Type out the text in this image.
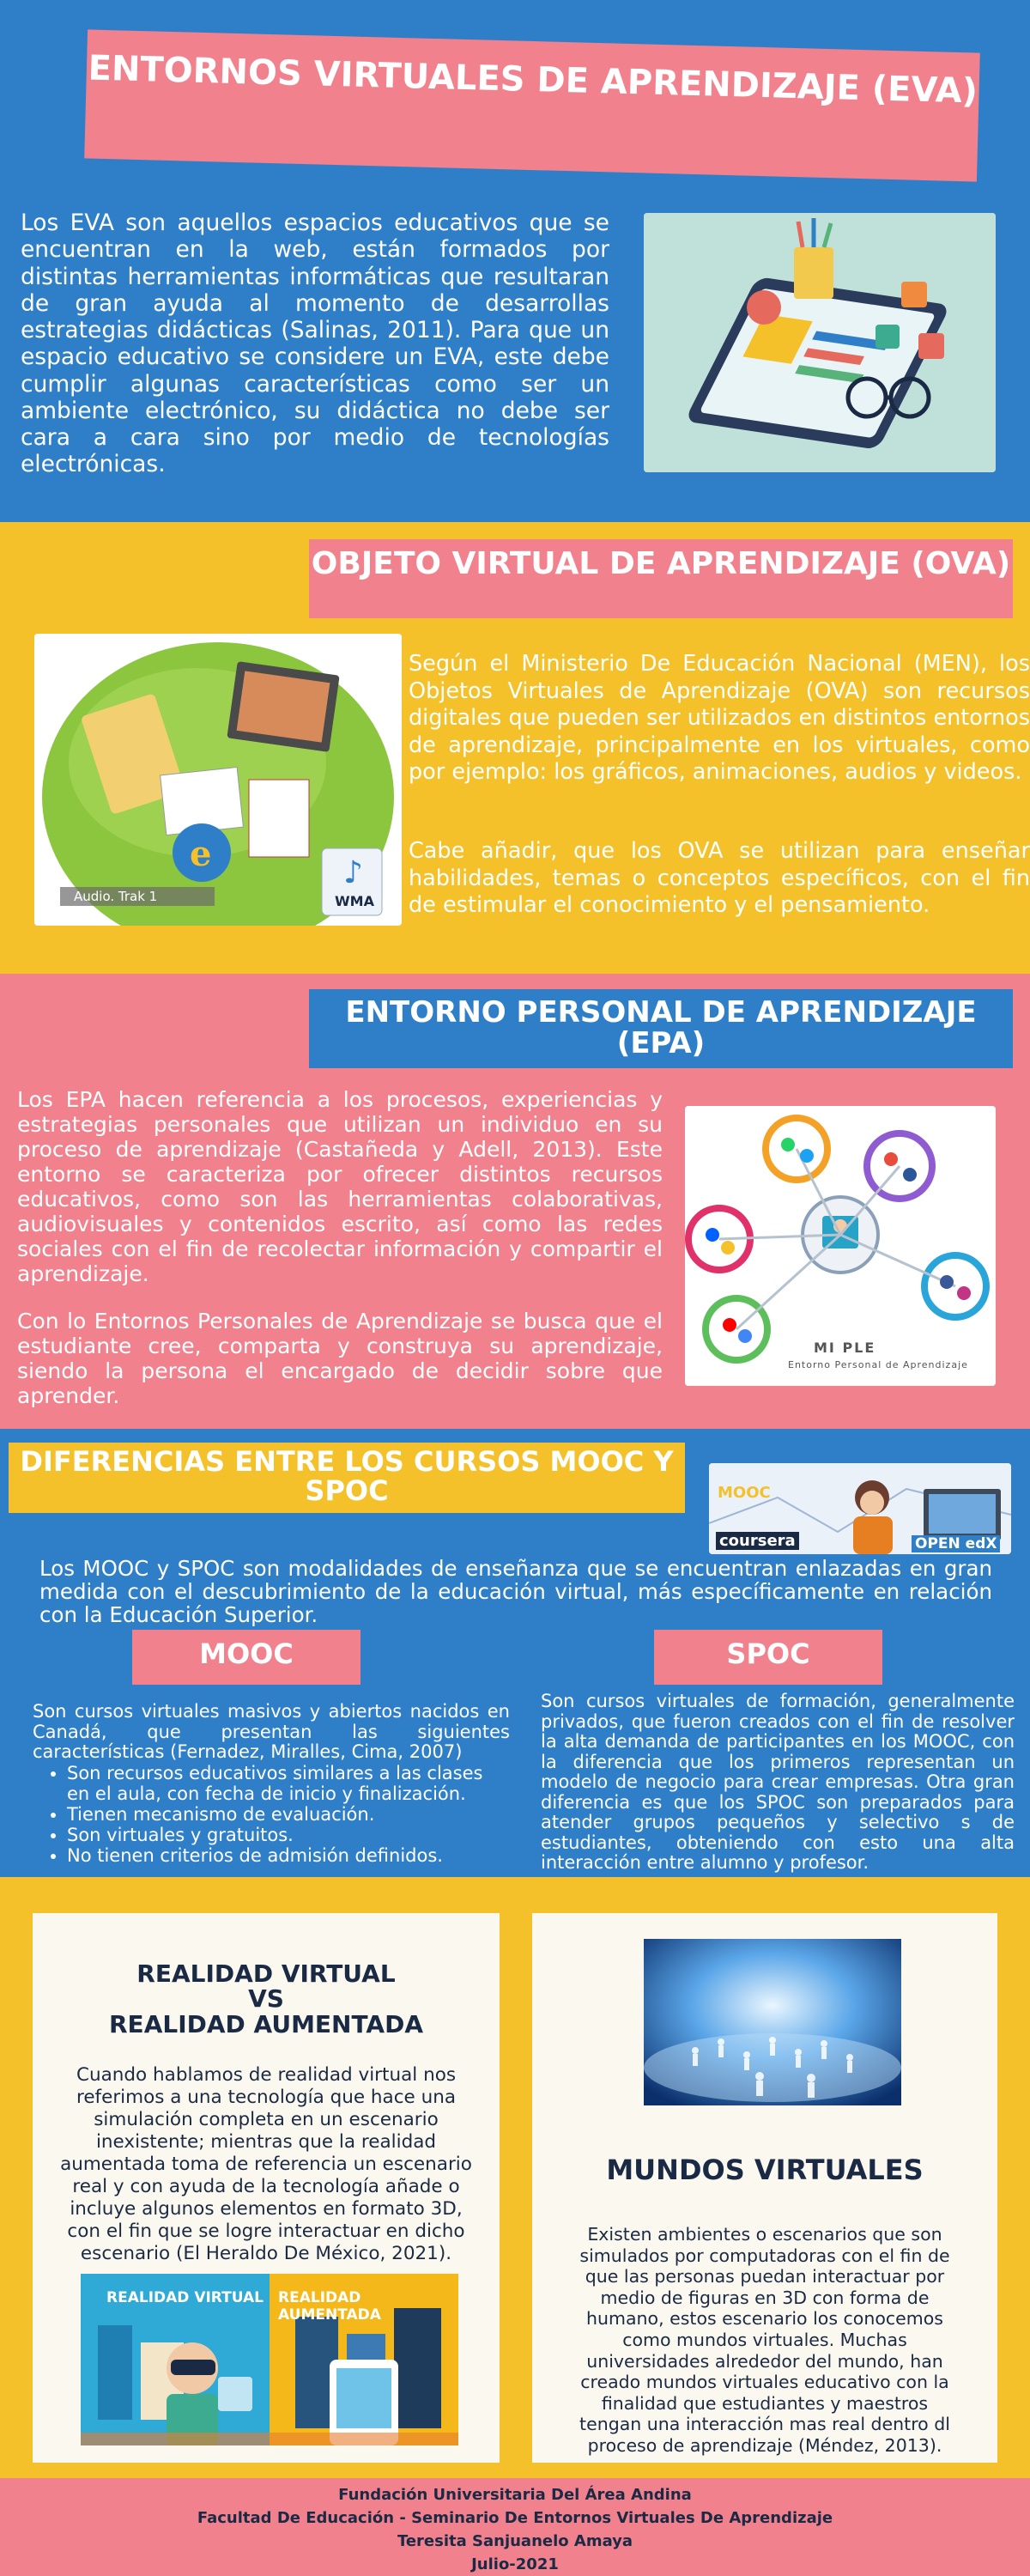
ENTORNOS VIRTUALES DE APRENDIZAJE (EVA)

Los EVA son aquellos espacios educativos que se encuentran en la web, están formados por distintas herramientas informáticas que resultaran de gran ayuda al momento de desarrollas estrategias didácticas (Salinas, 2011). Para que un espacio educativo se considere un EVA, este debe cumplir algunas características como ser un ambiente electrónico, su didáctica no debe ser cara a cara sino por medio de tecnologías electrónicas.

OBJETO VIRTUAL DE APRENDIZAJE (OVA)
e	♪
Audio. Trak 1	WMA

Según el Ministerio De Educación Nacional (MEN), los Objetos Virtuales de Aprendizaje (OVA) son recursos digitales que pueden ser utilizados en distintos entornos de aprendizaje, principalmente en los virtuales, como por ejemplo: los gráficos, animaciones, audios y videos.

Cabe añadir, que los OVA se utilizan para enseñar habilidades, temas o conceptos específicos, con el fin de estimular el conocimiento y el pensamiento.

ENTORNO PERSONAL DE APRENDIZAJE (EPA)

Los EPA hacen referencia a los procesos, experiencias y estrategias personales que utilizan un individuo en su proceso de aprendizaje (Castañeda y Adell, 2013). Este entorno se caracteriza por ofrecer distintos recursos educativos, como son las herramientas colaborativas, audiovisuales y contenidos escrito, así como las redes sociales con el fin de recolectar información y compartir el aprendizaje.

Con lo Entornos Personales de Aprendizaje se busca que el estudiante cree, comparta y construya su aprendizaje, siendo la persona el encargado de decidir sobre que aprender.

MI PLE
Entorno Personal de Aprendizaje
DIFERENCIAS ENTRE LOS CURSOS MOOC Y SPOC	MOOC
coursera	OPEN edX

Los MOOC y SPOC son modalidades de enseñanza que se encuentran enlazadas en gran medida con el descubrimiento de la educación virtual, más específicamente en relación con la Educación Superior.

MOOC	SPOC

Son cursos virtuales masivos y abiertos nacidos en Canadá, que presentan las siguientes características (Fernadez, Miralles, Cima, 2007)

• Son recursos educativos similares a las clases en el aula, con fecha de inicio y finalización.
• Tienen mecanismo de evaluación.
• Son virtuales y gratuitos.
• No tienen criterios de admisión definidos.

Son cursos virtuales de formación, generalmente privados, que fueron creados con el fin de resolver la alta demanda de participantes en los MOOC, con la diferencia que los primeros representan un modelo de negocio para crear empresas. Otra gran diferencia es que los SPOC son preparados para atender grupos pequeños y selectivo s de estudiantes, obteniendo con esto una alta interacción entre alumno y profesor.

REALIDAD VIRTUAL
VS
REALIDAD AUMENTADA

Cuando hablamos de realidad virtual nos referimos a una tecnología que hace una simulación completa en un escenario inexistente; mientras que la realidad aumentada toma de referencia un escenario real y con ayuda de la tecnología añade o incluye algunos elementos en formato 3D, con el fin que se logre interactuar en dicho escenario (El Heraldo De México, 2021).

REALIDAD VIRTUAL REALIDAD AUMENTADA
MUNDOS VIRTUALES

Existen ambientes o escenarios que son simulados por computadoras con el fin de que las personas puedan interactuar por medio de figuras en 3D con forma de humano, estos escenario los conocemos como mundos virtuales. Muchas universidades alrededor del mundo, han creado mundos virtuales educativo con la finalidad que estudiantes y maestros tengan una interacción mas real dentro dl proceso de aprendizaje (Méndez, 2013).

Fundación Universitaria Del Área Andina
Facultad De Educación - Seminario De Entornos Virtuales De Aprendizaje
Teresita Sanjuanelo Amaya
Julio-2021
